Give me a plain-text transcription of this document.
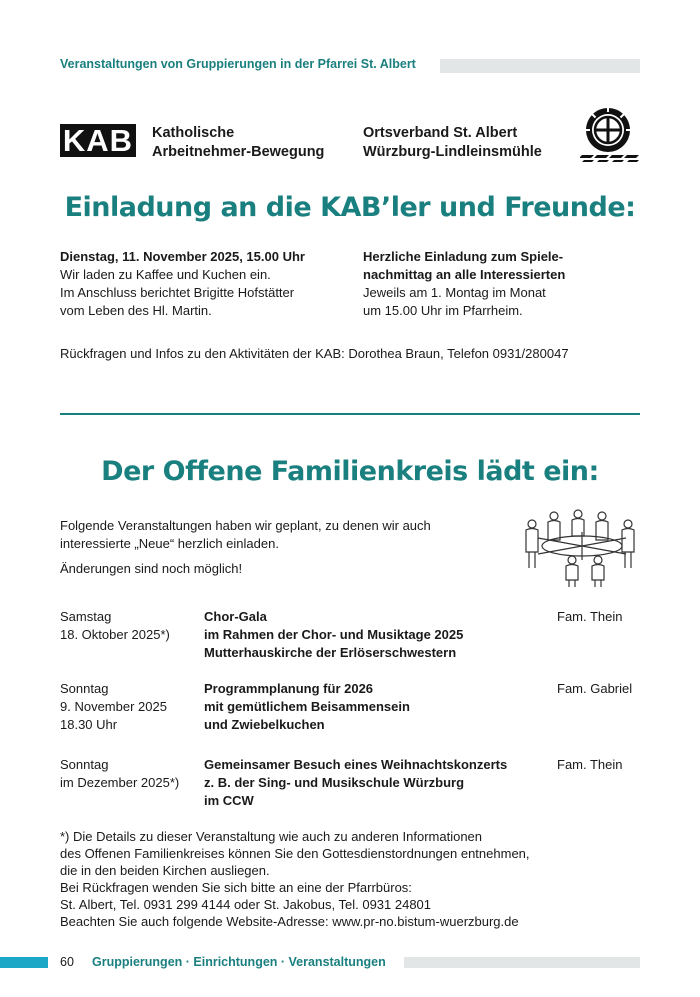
Veranstaltungen von Gruppierungen in der Pfarrei St. Albert
KAB Katholische
Arbeitnehmer-Bewegung
Ortsverband St. Albert
Würzburg-Lindleinsmühle
Einladung an die KAB’ler und Freunde:
Dienstag, 11. November 2025, 15.00 Uhr
Wir laden zu Kaffee und Kuchen ein.
Im Anschluss berichtet Brigitte Hofstätter
vom Leben des Hl. Martin.
Herzliche Einladung zum Spiele-
nachmittag an alle Interessierten
Jeweils am 1. Montag im Monat
um 15.00 Uhr im Pfarrheim.
Rückfragen und Infos zu den Aktivitäten der KAB: Dorothea Braun, Telefon 0931/280047
Der Offene Familienkreis lädt ein:
Folgende Veranstaltungen haben wir geplant, zu denen wir auch
interessierte „Neue“ herzlich einladen.
Änderungen sind noch möglich!
Samstag
18. Oktober 2025*)
Chor-Gala
im Rahmen der Chor- und Musiktage 2025
Mutterhauskirche der Erlöserschwestern
Fam. Thein
Sonntag
9. November 2025
18.30 Uhr
Programmplanung für 2026
mit gemütlichem Beisammensein
und Zwiebelkuchen
Fam. Gabriel
Sonntag
im Dezember 2025*)
Gemeinsamer Besuch eines Weihnachtskonzerts
z. B. der Sing- und Musikschule Würzburg
im CCW
Fam. Thein
*) Die Details zu dieser Veranstaltung wie auch zu anderen Informationen
des Offenen Familienkreises können Sie den Gottesdienstordnungen entnehmen,
die in den beiden Kirchen ausliegen.
Bei Rückfragen wenden Sie sich bitte an eine der Pfarrbüros:
St. Albert, Tel. 0931 299 4144 oder St. Jakobus, Tel. 0931 24801
Beachten Sie auch folgende Website-Adresse: www.pr-no.bistum-wuerzburg.de
60 Gruppierungen · Einrichtungen · Veranstaltungen
